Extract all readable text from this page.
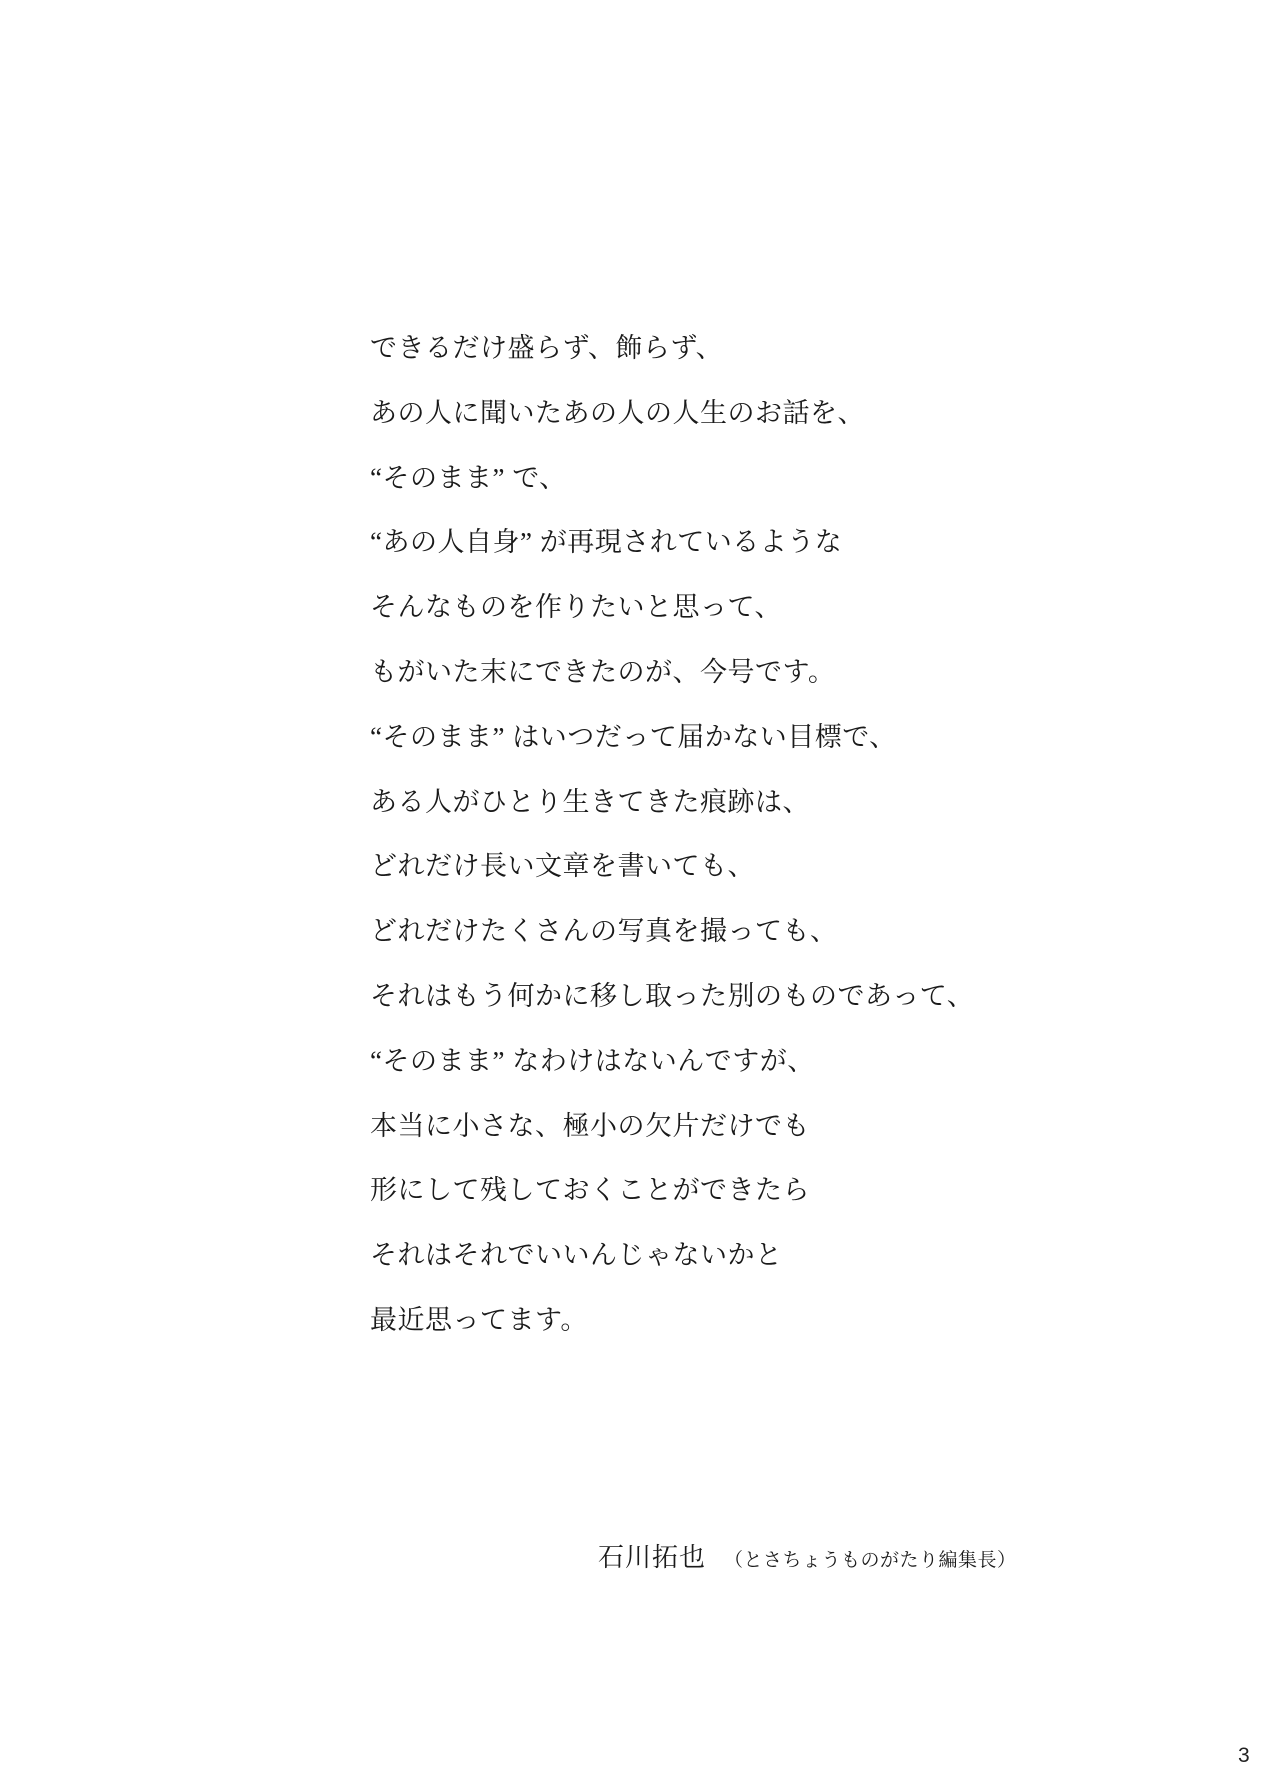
できるだけ盛らず、飾らず、

あの人に聞いたあの人の人生のお話を、

“そのまま” で、

“あの人自身” が再現されているような

そんなものを作りたいと思って、

もがいた末にできたのが、今号です。

“そのまま” はいつだって届かない目標で、

ある人がひとり生きてきた痕跡は、

どれだけ長い文章を書いても、

どれだけたくさんの写真を撮っても、

それはもう何かに移し取った別のものであって、

“そのまま” なわけはないんですが、

本当に小さな、極小の欠片だけでも

形にして残しておくことができたら

それはそれでいいんじゃないかと

最近思ってます。

石川拓也 （とさちょうものがたり編集長）
3
